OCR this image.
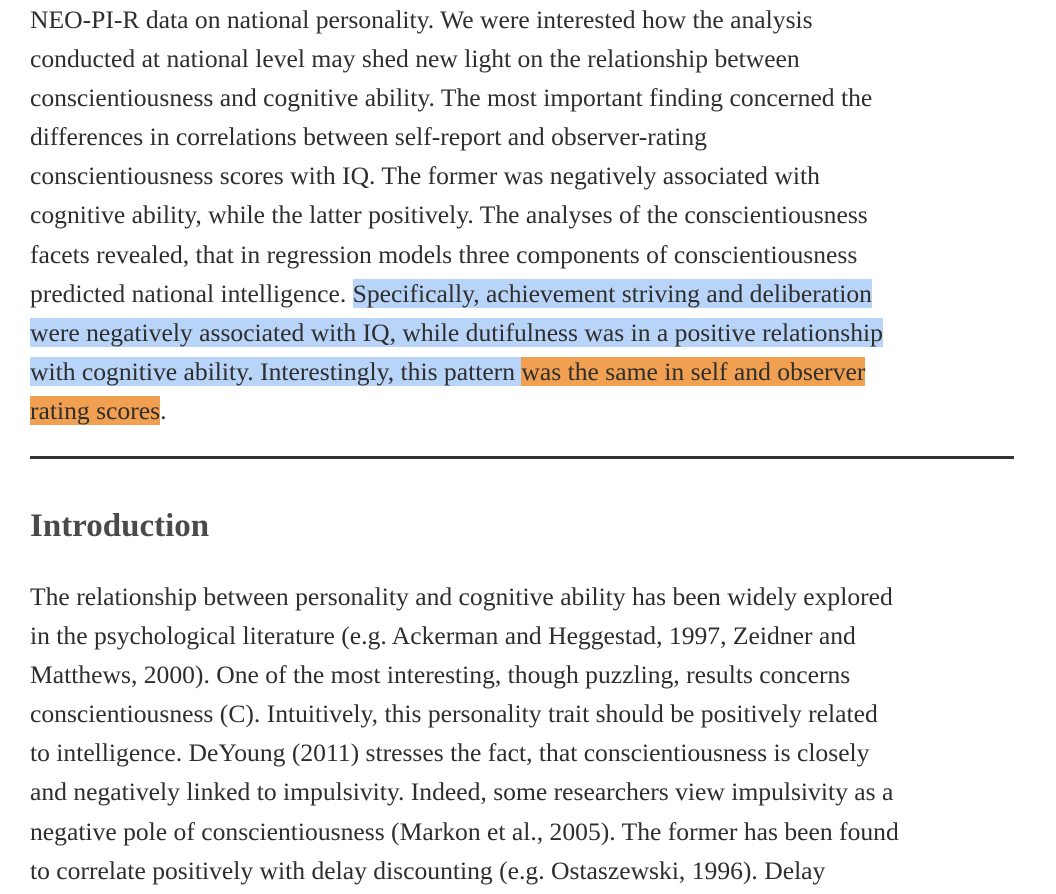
NEO-PI-R data on national personality. We were interested how the analysis
conducted at national level may shed new light on the relationship between
conscientiousness and cognitive ability. The most important finding concerned the
differences in correlations between self-report and observer-rating
conscientiousness scores with IQ. The former was negatively associated with
cognitive ability, while the latter positively. The analyses of the conscientiousness
facets revealed, that in regression models three components of conscientiousness
predicted national intelligence. Specifically, achievement striving and deliberation
were negatively associated with IQ, while dutifulness was in a positive relationship
with cognitive ability. Interestingly, this pattern was the same in self and observer
rating scores.
Introduction
The relationship between personality and cognitive ability has been widely explored
in the psychological literature (e.g. Ackerman and Heggestad, 1997, Zeidner and
Matthews, 2000). One of the most interesting, though puzzling, results concerns
conscientiousness (C). Intuitively, this personality trait should be positively related
to intelligence. DeYoung (2011) stresses the fact, that conscientiousness is closely
and negatively linked to impulsivity. Indeed, some researchers view impulsivity as a
negative pole of conscientiousness (Markon et al., 2005). The former has been found
to correlate positively with delay discounting (e.g. Ostaszewski, 1996). Delay
